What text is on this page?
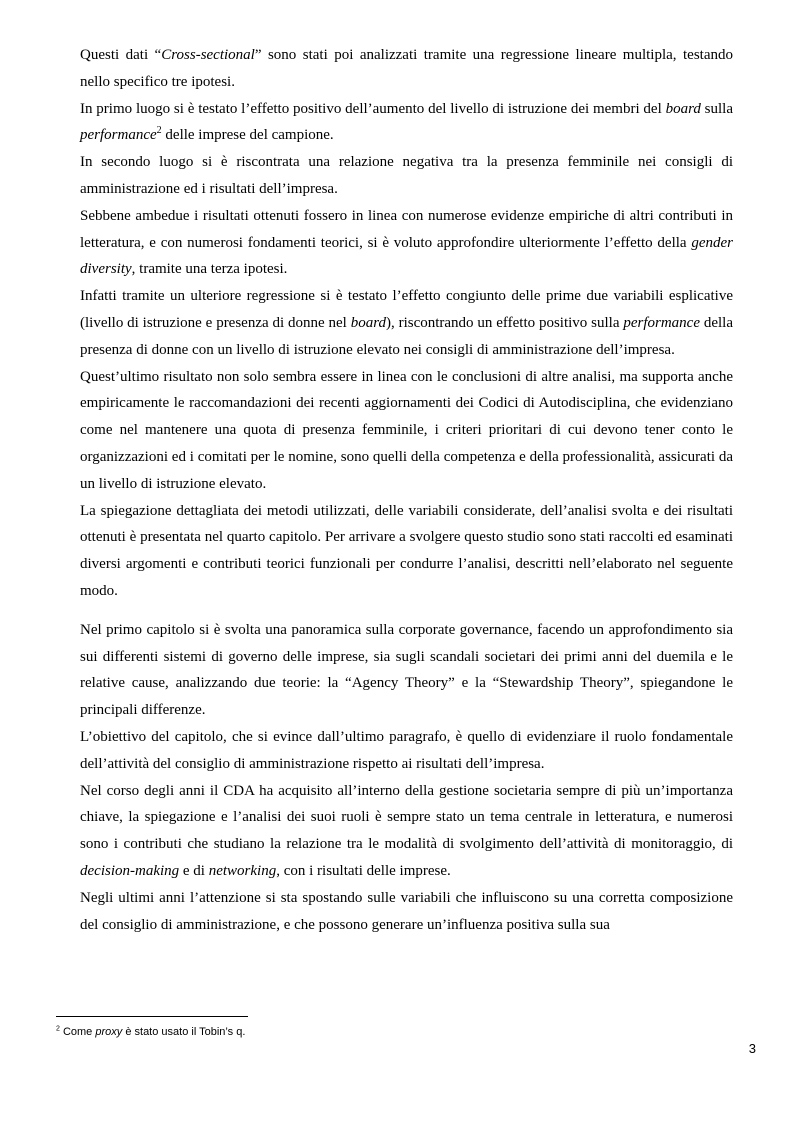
Questi dati “Cross-sectional” sono stati poi analizzati tramite una regressione lineare multipla, testando nello specifico tre ipotesi.

In primo luogo si è testato l’effetto positivo dell’aumento del livello di istruzione dei membri del board sulla performance$^2$ delle imprese del campione.

In secondo luogo si è riscontrata una relazione negativa tra la presenza femminile nei consigli di amministrazione ed i risultati dell’impresa.

Sebbene ambedue i risultati ottenuti fossero in linea con numerose evidenze empiriche di altri contributi in letteratura, e con numerosi fondamenti teorici, si è voluto approfondire ulteriormente l’effetto della gender diversity, tramite una terza ipotesi.

Infatti tramite un ulteriore regressione si è testato l’effetto congiunto delle prime due variabili esplicative (livello di istruzione e presenza di donne nel board), riscontrando un effetto positivo sulla performance della presenza di donne con un livello di istruzione elevato nei consigli di amministrazione dell’impresa.

Quest’ultimo risultato non solo sembra essere in linea con le conclusioni di altre analisi, ma supporta anche empiricamente le raccomandazioni dei recenti aggiornamenti dei Codici di Autodisciplina, che evidenziano come nel mantenere una quota di presenza femminile, i criteri prioritari di cui devono tener conto le organizzazioni ed i comitati per le nomine, sono quelli della competenza e della professionalità, assicurati da un livello di istruzione elevato.

La spiegazione dettagliata dei metodi utilizzati, delle variabili considerate, dell’analisi svolta e dei risultati ottenuti è presentata nel quarto capitolo. Per arrivare a svolgere questo studio sono stati raccolti ed esaminati diversi argomenti e contributi teorici funzionali per condurre l’analisi, descritti nell’elaborato nel seguente modo.

Nel primo capitolo si è svolta una panoramica sulla corporate governance, facendo un approfondimento sia sui differenti sistemi di governo delle imprese, sia sugli scandali societari dei primi anni del duemila e le relative cause, analizzando due teorie: la “Agency Theory” e la “Stewardship Theory”, spiegandone le principali differenze.

L’obiettivo del capitolo, che si evince dall’ultimo paragrafo, è quello di evidenziare il ruolo fondamentale dell’attività del consiglio di amministrazione rispetto ai risultati dell’impresa.

Nel corso degli anni il CDA ha acquisito all’interno della gestione societaria sempre di più un’importanza chiave, la spiegazione e l’analisi dei suoi ruoli è sempre stato un tema centrale in letteratura, e numerosi sono i contributi che studiano la relazione tra le modalità di svolgimento dell’attività di monitoraggio, di decision-making e di networking, con i risultati delle imprese.

Negli ultimi anni l’attenzione si sta spostando sulle variabili che influiscono su una corretta composizione del consiglio di amministrazione, e che possono generare un’influenza positiva sulla sua

$^2$ Come proxy è stato usato il Tobin’s q.
3
